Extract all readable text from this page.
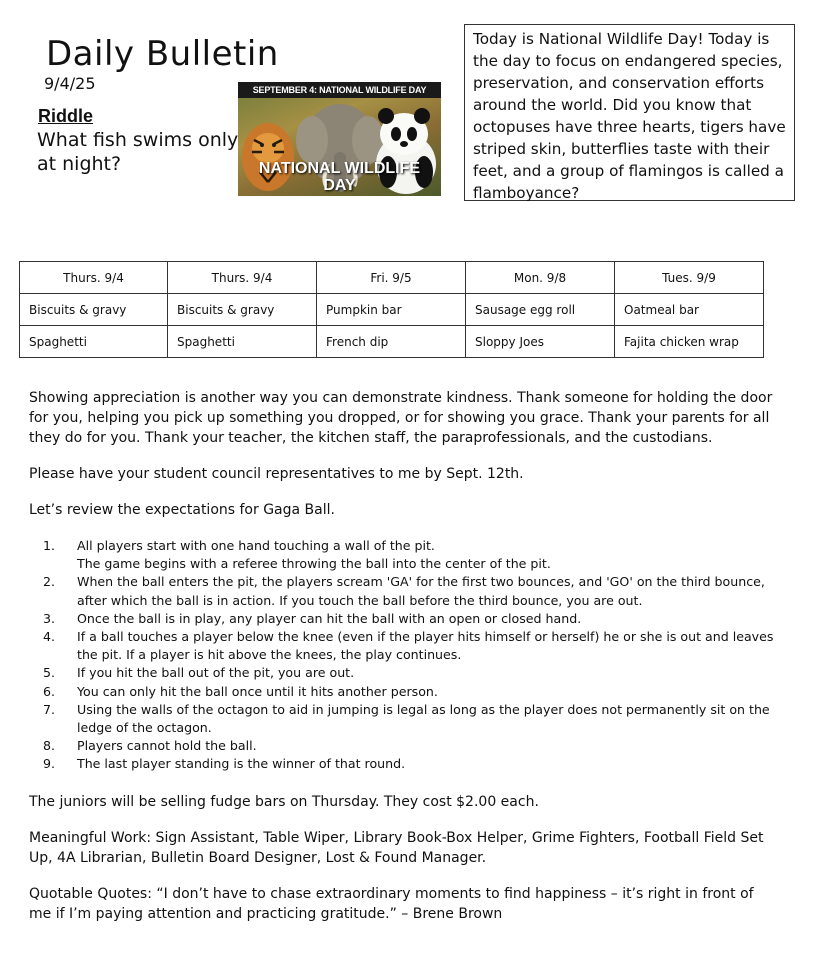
Daily Bulletin
9/4/25
Riddle
What fish swims only at night?
SEPTEMBER 4: NATIONAL WILDLIFE DAY
NATIONAL WILDLIFE DAY
Today is National Wildlife Day! Today is the day to focus on endangered species, preservation, and conservation efforts around the world. Did you know that octopuses have three hearts, tigers have striped skin, butterflies taste with their feet, and a group of flamingos is called a flamboyance?
Thurs. 9/4	Thurs. 9/4	Fri. 9/5	Mon. 9/8	Tues. 9/9
Biscuits & gravy	Biscuits & gravy	Pumpkin bar	Sausage egg roll	Oatmeal bar
Spaghetti	Spaghetti	French dip	Sloppy Joes	Fajita chicken wrap
Showing appreciation is another way you can demonstrate kindness. Thank someone for holding the door for you, helping you pick up something you dropped, or for showing you grace. Thank your parents for all they do for you. Thank your teacher, the kitchen staff, the paraprofessionals, and the custodians.
Please have your student council representatives to me by Sept. 12th.
Let’s review the expectations for Gaga Ball.
1. All players start with one hand touching a wall of the pit.
The game begins with a referee throwing the ball into the center of the pit.
2. When the ball enters the pit, the players scream 'GA' for the first two bounces, and 'GO' on the third bounce, after which the ball is in action. If you touch the ball before the third bounce, you are out.
3. Once the ball is in play, any player can hit the ball with an open or closed hand.
4. If a ball touches a player below the knee (even if the player hits himself or herself) he or she is out and leaves the pit. If a player is hit above the knees, the play continues.
5. If you hit the ball out of the pit, you are out.
6. You can only hit the ball once until it hits another person.
7. Using the walls of the octagon to aid in jumping is legal as long as the player does not permanently sit on the ledge of the octagon.
8. Players cannot hold the ball.
9. The last player standing is the winner of that round.
The juniors will be selling fudge bars on Thursday. They cost $2.00 each.
Meaningful Work: Sign Assistant, Table Wiper, Library Book-Box Helper, Grime Fighters, Football Field Set Up, 4A Librarian, Bulletin Board Designer, Lost & Found Manager.
Quotable Quotes: “I don’t have to chase extraordinary moments to find happiness – it’s right in front of me if I’m paying attention and practicing gratitude.” – Brene Brown
